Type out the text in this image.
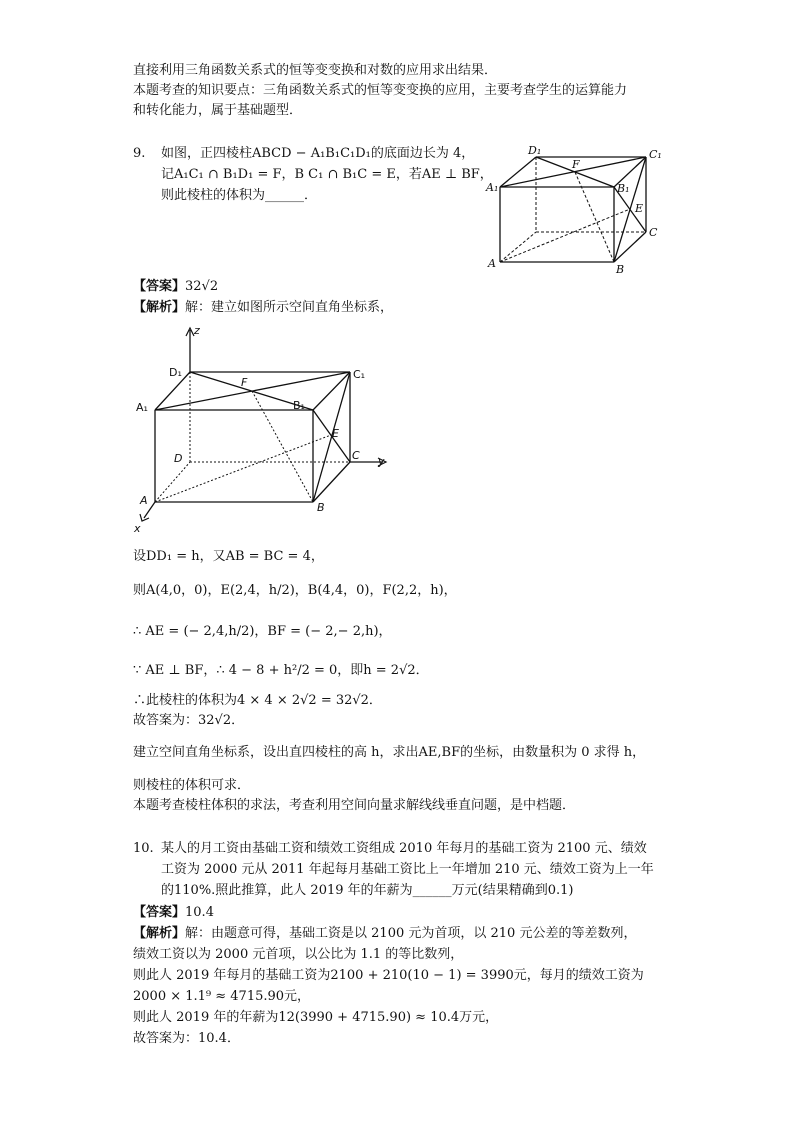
直接利用三角函数关系式的恒等变变换和对数的应用求出结果．
本题考查的知识要点：三角函数关系式的恒等变变换的应用，主要考查学生的运算能力
和转化能力，属于基础题型．
9. 如图，正四棱柱ABCD − A₁B₁C₁D₁的底面边长为 4，
记A₁C₁ ∩ B₁D₁ = F，B C₁ ∩ B₁C = E，若AE ⊥ BF，
则此棱柱的体积为______．
D₁	C₁
A₁	B₁
F
E
A	B
C
【答案】32√2
【解析】解：建立如图所示空间直角坐标系，
z
y
x
D₁	C₁
A₁	B₁
F
E
D	C
A
B
设DD₁ = h，又AB = BC = 4，
则A(4,0，0)，E(2,4，h/2)，B(4,4，0)，F(2,2，h)，
∴ AE = (− 2,4,h/2)，BF = (− 2,− 2,h)，
∵ AE ⊥ BF，∴ 4 − 8 + h²/2 = 0，即h = 2√2．
∴此棱柱的体积为4 × 4 × 2√2 = 32√2．
故答案为：32√2．
建立空间直角坐标系，设出直四棱柱的高 h，求出AE,BF的坐标，由数量积为 0 求得 h，
则棱柱的体积可求．
本题考查棱柱体积的求法，考查利用空间向量求解线线垂直问题，是中档题．
10. 某人的月工资由基础工资和绩效工资组成 2010 年每月的基础工资为 2100 元、绩效
工资为 2000 元从 2011 年起每月基础工资比上一年增加 210 元、绩效工资为上一年
的110%.照此推算，此人 2019 年的年薪为______万元(结果精确到0.1)
【答案】10.4
【解析】解：由题意可得，基础工资是以 2100 元为首项，以 210 元公差的等差数列，
绩效工资以为 2000 元首项，以公比为 1.1 的等比数列，
则此人 2019 年每月的基础工资为2100 + 210(10 − 1) = 3990元，每月的绩效工资为
2000 × 1.1⁹ ≈ 4715.90元，
则此人 2019 年的年薪为12(3990 + 4715.90) ≈ 10.4万元，
故答案为：10.4．
